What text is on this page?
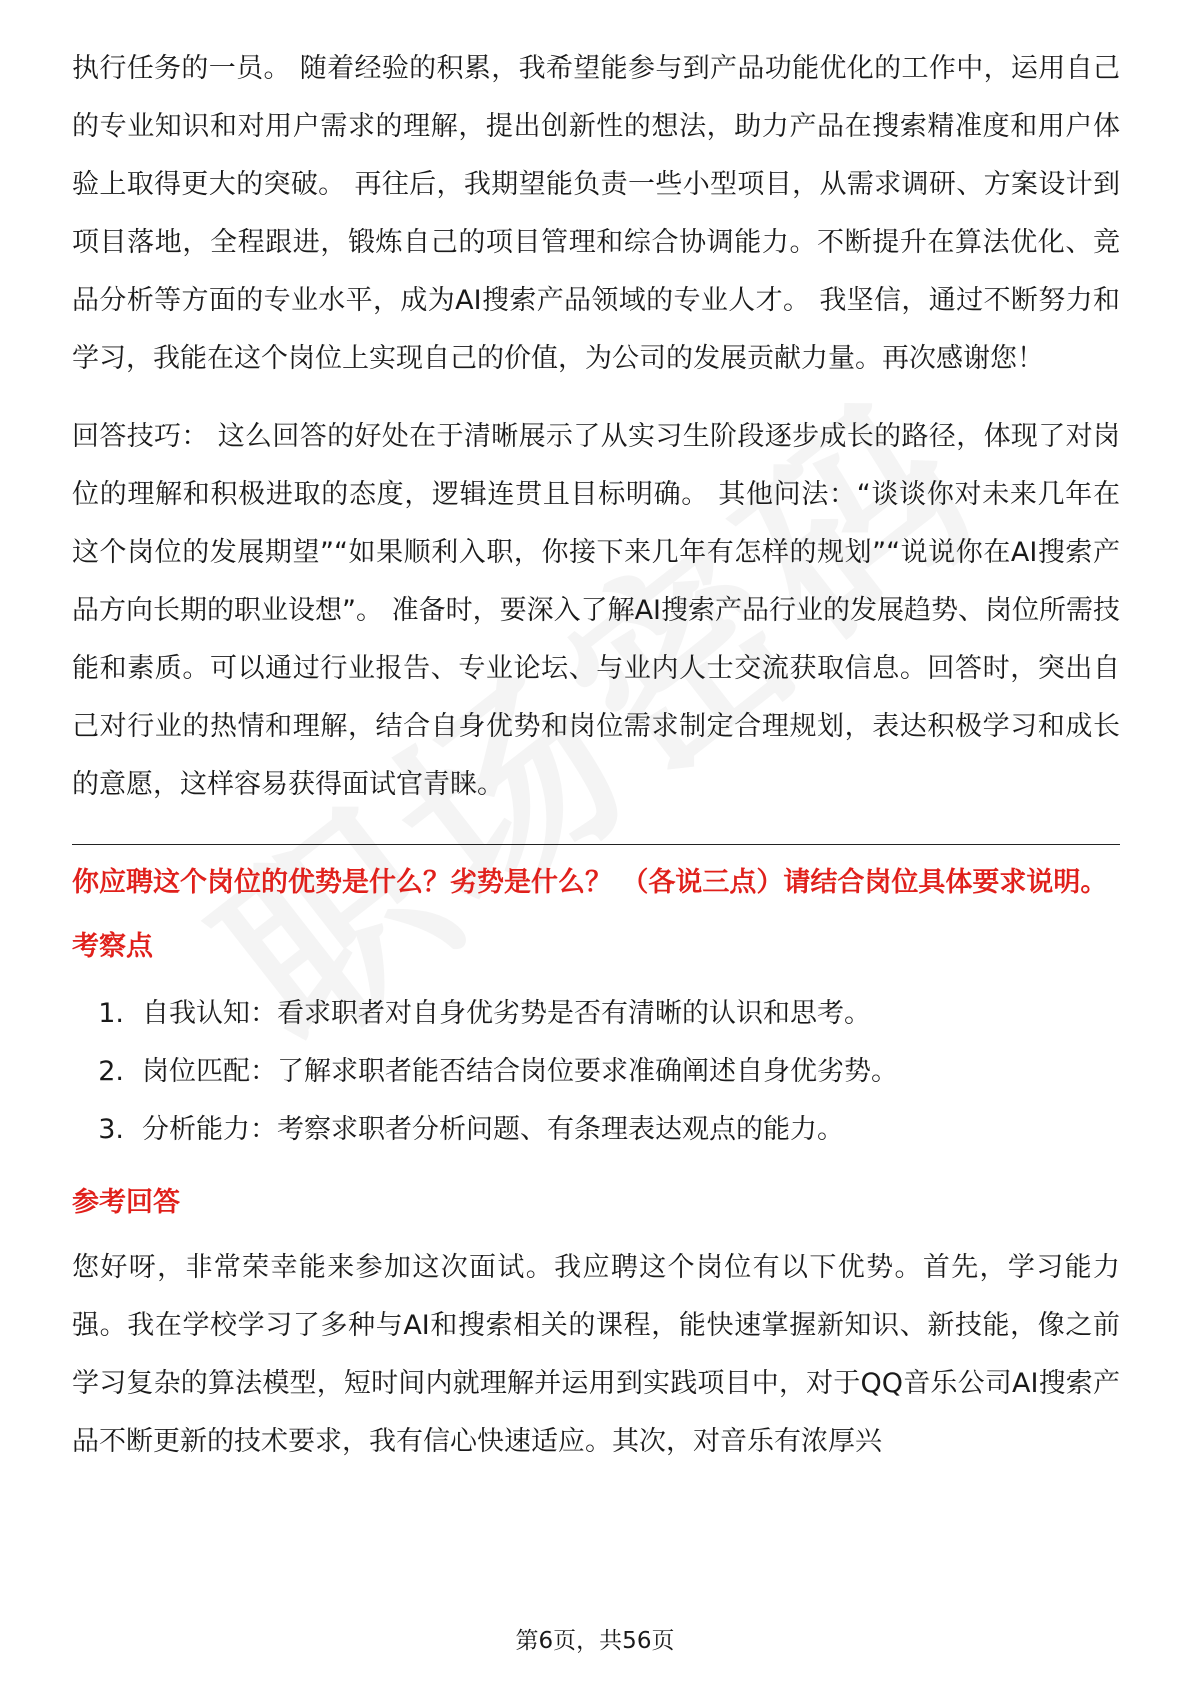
执行任务的一员。 随着经验的积累，我希望能参与到产品功能优化的工作中，运用自己的专业知识和对用户需求的理解，提出创新性的想法，助力产品在搜索精准度和用户体验上取得更大的突破。 再往后，我期望能负责一些小型项目，从需求调研、方案设计到项目落地，全程跟进，锻炼自己的项目管理和综合协调能力。不断提升在算法优化、竞品分析等方面的专业水平，成为AI搜索产品领域的专业人才。 我坚信，通过不断努力和学习，我能在这个岗位上实现自己的价值，为公司的发展贡献力量。再次感谢您！

回答技巧： 这么回答的好处在于清晰展示了从实习生阶段逐步成长的路径，体现了对岗位的理解和积极进取的态度，逻辑连贯且目标明确。 其他问法：“谈谈你对未来几年在这个岗位的发展期望”“如果顺利入职，你接下来几年有怎样的规划”“说说你在AI搜索产品方向长期的职业设想”。 准备时，要深入了解AI搜索产品行业的发展趋势、岗位所需技能和素质。可以通过行业报告、专业论坛、与业内人士交流获取信息。回答时，突出自己对行业的热情和理解，结合自身优势和岗位需求制定合理规划，表达积极学习和成长的意愿，这样容易获得面试官青睐。

你应聘这个岗位的优势是什么？劣势是什么？ （各说三点）请结合岗位具体要求说明。

考察点

1. 自我认知：看求职者对自身优劣势是否有清晰的认识和思考。
2. 岗位匹配：了解求职者能否结合岗位要求准确阐述自身优劣势。
3. 分析能力：考察求职者分析问题、有条理表达观点的能力。

参考回答

您好呀，非常荣幸能来参加这次面试。我应聘这个岗位有以下优势。首先，学习能力强。我在学校学习了多种与AI和搜索相关的课程，能快速掌握新知识、新技能，像之前学习复杂的算法模型，短时间内就理解并运用到实践项目中，对于QQ音乐公司AI搜索产品不断更新的技术要求，我有信心快速适应。其次，对音乐有浓厚兴

第6页，共56页
